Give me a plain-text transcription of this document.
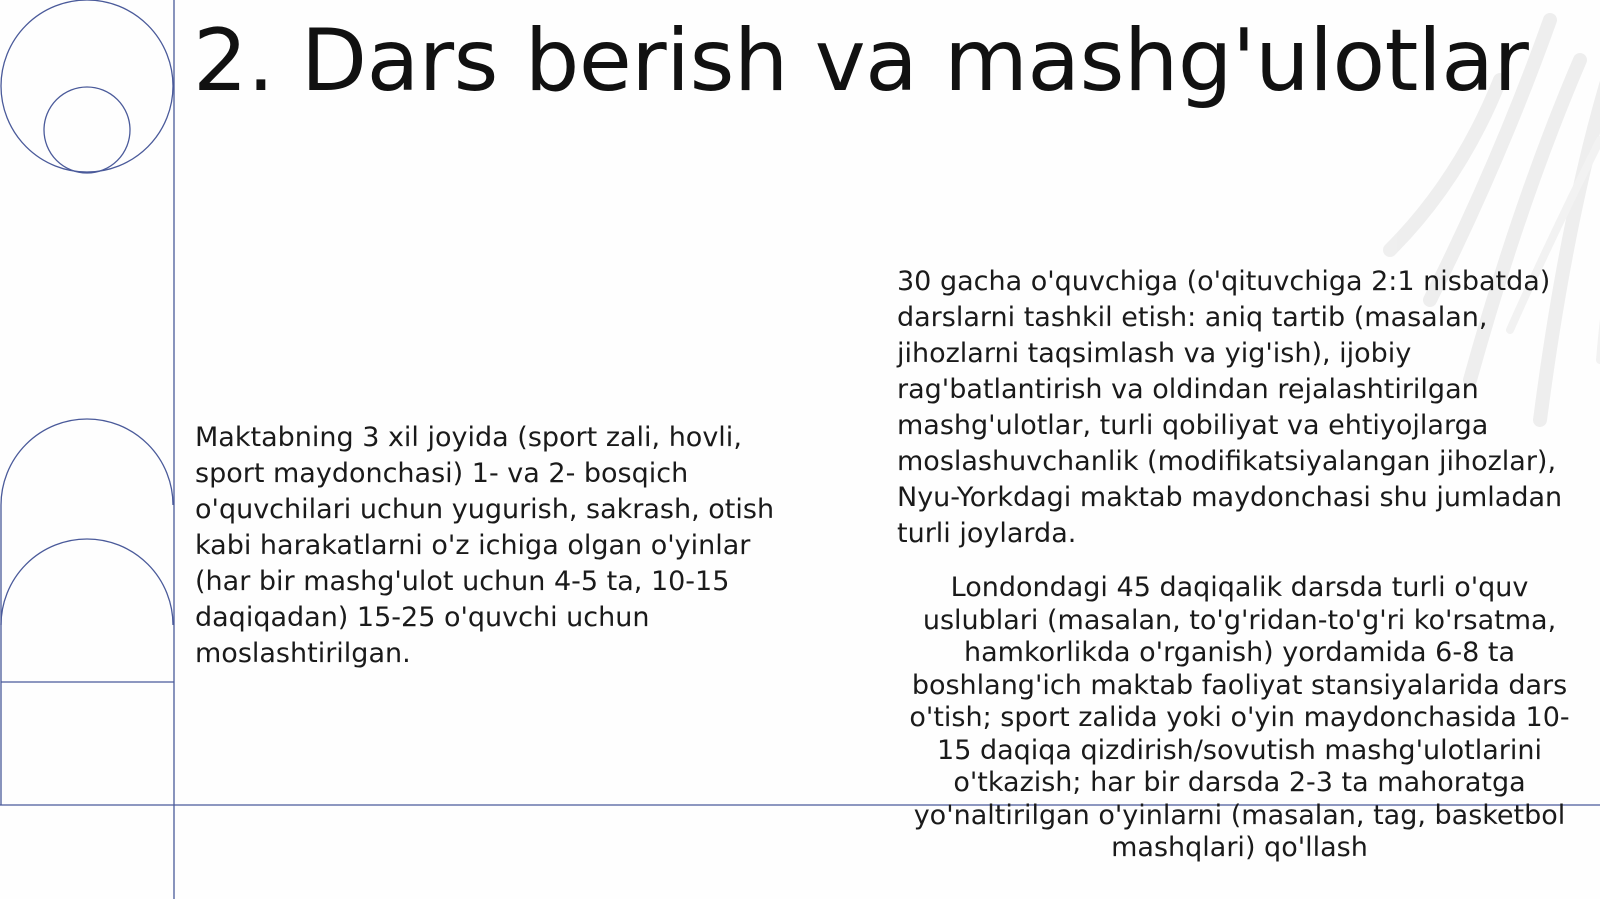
2. Dars berish va mashg'ulotlar

Maktabning 3 xil joyida (sport zali, hovli, sport maydonchasi) 1- va 2- bosqich o'quvchilari uchun yugurish, sakrash, otish kabi harakatlarni o'z ichiga olgan o'yinlar (har bir mashg'ulot uchun 4-5 ta, 10-15 daqiqadan) 15-25 o'quvchi uchun moslashtirilgan.

30 gacha o'quvchiga (o'qituvchiga 2:1 nisbatda) darslarni tashkil etish: aniq tartib (masalan, jihozlarni taqsimlash va yig'ish), ijobiy rag'batlantirish va oldindan rejalashtirilgan mashg'ulotlar, turli qobiliyat va ehtiyojlarga moslashuvchanlik (modifikatsiyalangan jihozlar), Nyu-Yorkdagi maktab maydonchasi shu jumladan turli joylarda.

Londondagi 45 daqiqalik darsda turli o'quv uslublari (masalan, to'g'ridan-to'g'ri ko'rsatma, hamkorlikda o'rganish) yordamida 6-8 ta boshlang'ich maktab faoliyat stansiyalarida dars o'tish; sport zalida yoki o'yin maydonchasida 10-15 daqiqa qizdirish/sovutish mashg'ulotlarini o'tkazish; har bir darsda 2-3 ta mahoratga yo'naltirilgan o'yinlarni (masalan, tag, basketbol mashqlari) qo'llash
